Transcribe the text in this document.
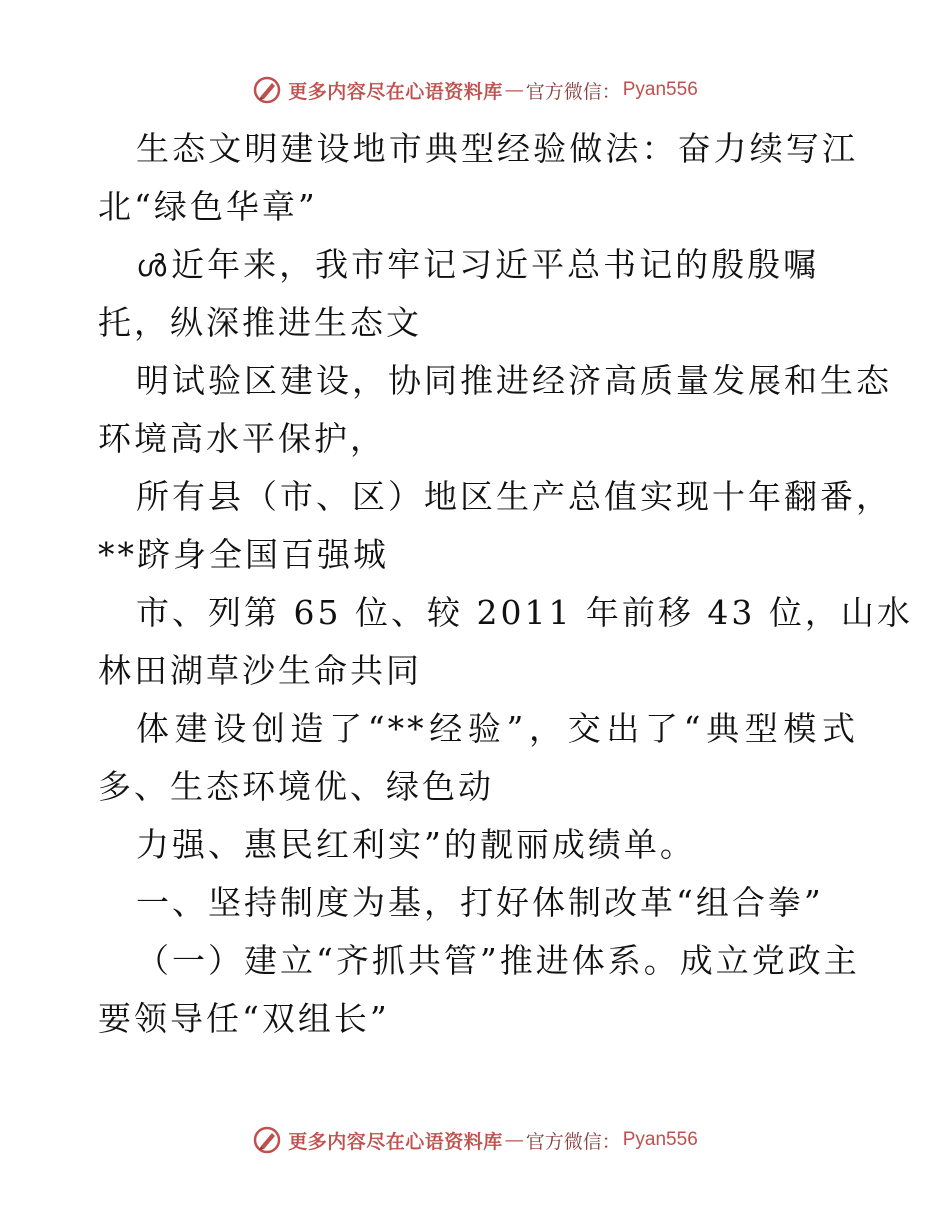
更多内容尽在心语资料库 — 官方微信： Pyan556
生态文明建设地市典型经验做法：奋力续写江
北“绿色华章”
ൾ近年来，我市牢记习近平总书记的殷殷嘱
托，纵深推进生态文
明试验区建设，协同推进经济高质量发展和生态
环境高水平保护，
所有县（市、区）地区生产总值实现十年翻番，
**跻身全国百强城
市、列第 65 位、较 2011 年前移 43 位，山水
林田湖草沙生命共同
体建设创造了“**经验”，交出了“典型模式
多、生态环境优、绿色动
力强、惠民红利实”的靓丽成绩单。
一、坚持制度为基，打好体制改革“组合拳”
（一）建立“齐抓共管”推进体系。成立党政主
要领导任“双组长”
更多内容尽在心语资料库 — 官方微信： Pyan556
